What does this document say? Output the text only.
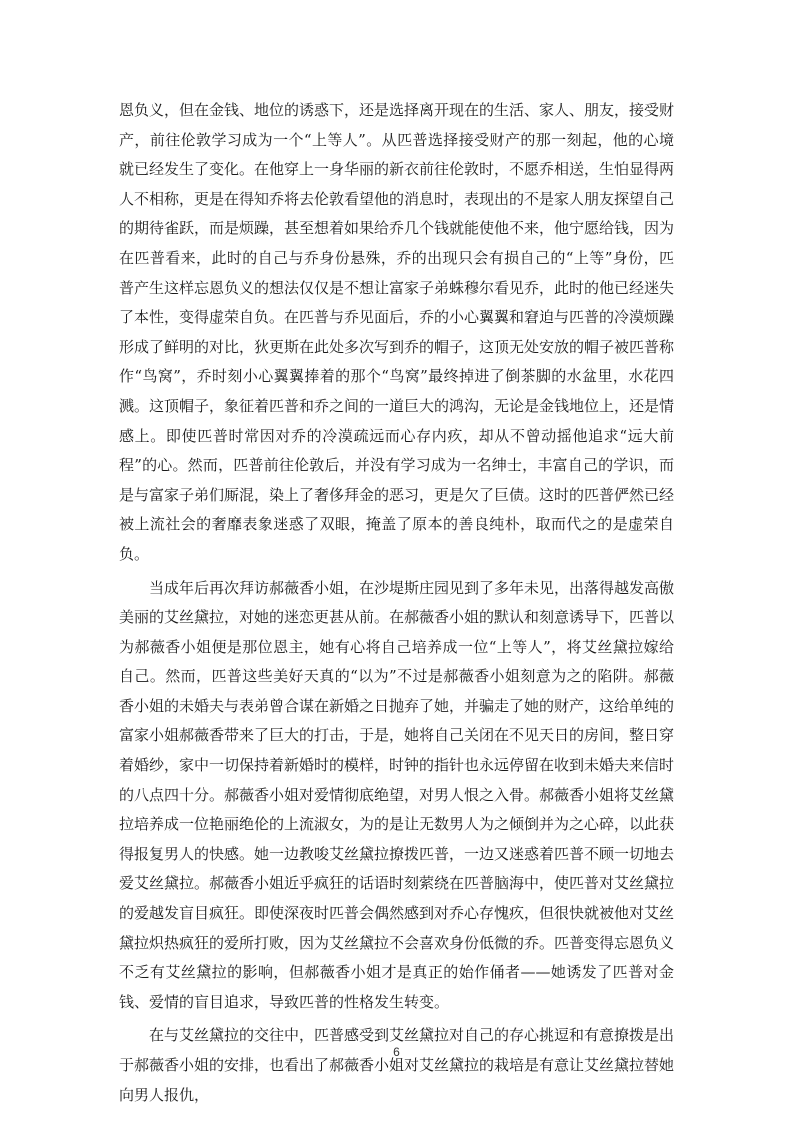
恩负义，但在金钱、地位的诱惑下，还是选择离开现在的生活、家人、朋友，接受财产，前往伦敦学习成为一个“上等人”。从匹普选择接受财产的那一刻起，他的心境就已经发生了变化。在他穿上一身华丽的新衣前往伦敦时，不愿乔相送，生怕显得两人不相称，更是在得知乔将去伦敦看望他的消息时，表现出的不是家人朋友探望自己的期待雀跃，而是烦躁，甚至想着如果给乔几个钱就能使他不来，他宁愿给钱，因为在匹普看来，此时的自己与乔身份悬殊，乔的出现只会有损自己的“上等”身份，匹普产生这样忘恩负义的想法仅仅是不想让富家子弟蛛穆尔看见乔，此时的他已经迷失了本性，变得虚荣自负。在匹普与乔见面后，乔的小心翼翼和窘迫与匹普的冷漠烦躁形成了鲜明的对比，狄更斯在此处多次写到乔的帽子，这顶无处安放的帽子被匹普称作“鸟窝”，乔时刻小心翼翼捧着的那个“鸟窝”最终掉进了倒茶脚的水盆里，水花四溅。这顶帽子，象征着匹普和乔之间的一道巨大的鸿沟，无论是金钱地位上，还是情感上。即使匹普时常因对乔的冷漠疏远而心存内疚，却从不曾动摇他追求“远大前程”的心。然而，匹普前往伦敦后，并没有学习成为一名绅士，丰富自己的学识，而是与富家子弟们厮混，染上了奢侈拜金的恶习，更是欠了巨债。这时的匹普俨然已经被上流社会的奢靡表象迷惑了双眼，掩盖了原本的善良纯朴，取而代之的是虚荣自负。

当成年后再次拜访郝薇香小姐，在沙堤斯庄园见到了多年未见，出落得越发高傲美丽的艾丝黛拉，对她的迷恋更甚从前。在郝薇香小姐的默认和刻意诱导下，匹普以为郝薇香小姐便是那位恩主，她有心将自己培养成一位“上等人”，将艾丝黛拉嫁给自己。然而，匹普这些美好天真的“以为”不过是郝薇香小姐刻意为之的陷阱。郝薇香小姐的未婚夫与表弟曾合谋在新婚之日抛弃了她，并骗走了她的财产，这给单纯的富家小姐郝薇香带来了巨大的打击，于是，她将自己关闭在不见天日的房间，整日穿着婚纱，家中一切保持着新婚时的模样，时钟的指针也永远停留在收到未婚夫来信时的八点四十分。郝薇香小姐对爱情彻底绝望，对男人恨之入骨。郝薇香小姐将艾丝黛拉培养成一位艳丽绝伦的上流淑女，为的是让无数男人为之倾倒并为之心碎，以此获得报复男人的快感。她一边教唆艾丝黛拉撩拨匹普，一边又迷惑着匹普不顾一切地去爱艾丝黛拉。郝薇香小姐近乎疯狂的话语时刻萦绕在匹普脑海中，使匹普对艾丝黛拉的爱越发盲目疯狂。即使深夜时匹普会偶然感到对乔心存愧疚，但很快就被他对艾丝黛拉炽热疯狂的爱所打败，因为艾丝黛拉不会喜欢身份低微的乔。匹普变得忘恩负义不乏有艾丝黛拉的影响，但郝薇香小姐才是真正的始作俑者——她诱发了匹普对金钱、爱情的盲目追求，导致匹普的性格发生转变。

在与艾丝黛拉的交往中，匹普感受到艾丝黛拉对自己的存心挑逗和有意撩拨是出于郝薇香小姐的安排，也看出了郝薇香小姐对艾丝黛拉的栽培是有意让艾丝黛拉替她向男人报仇，

6
